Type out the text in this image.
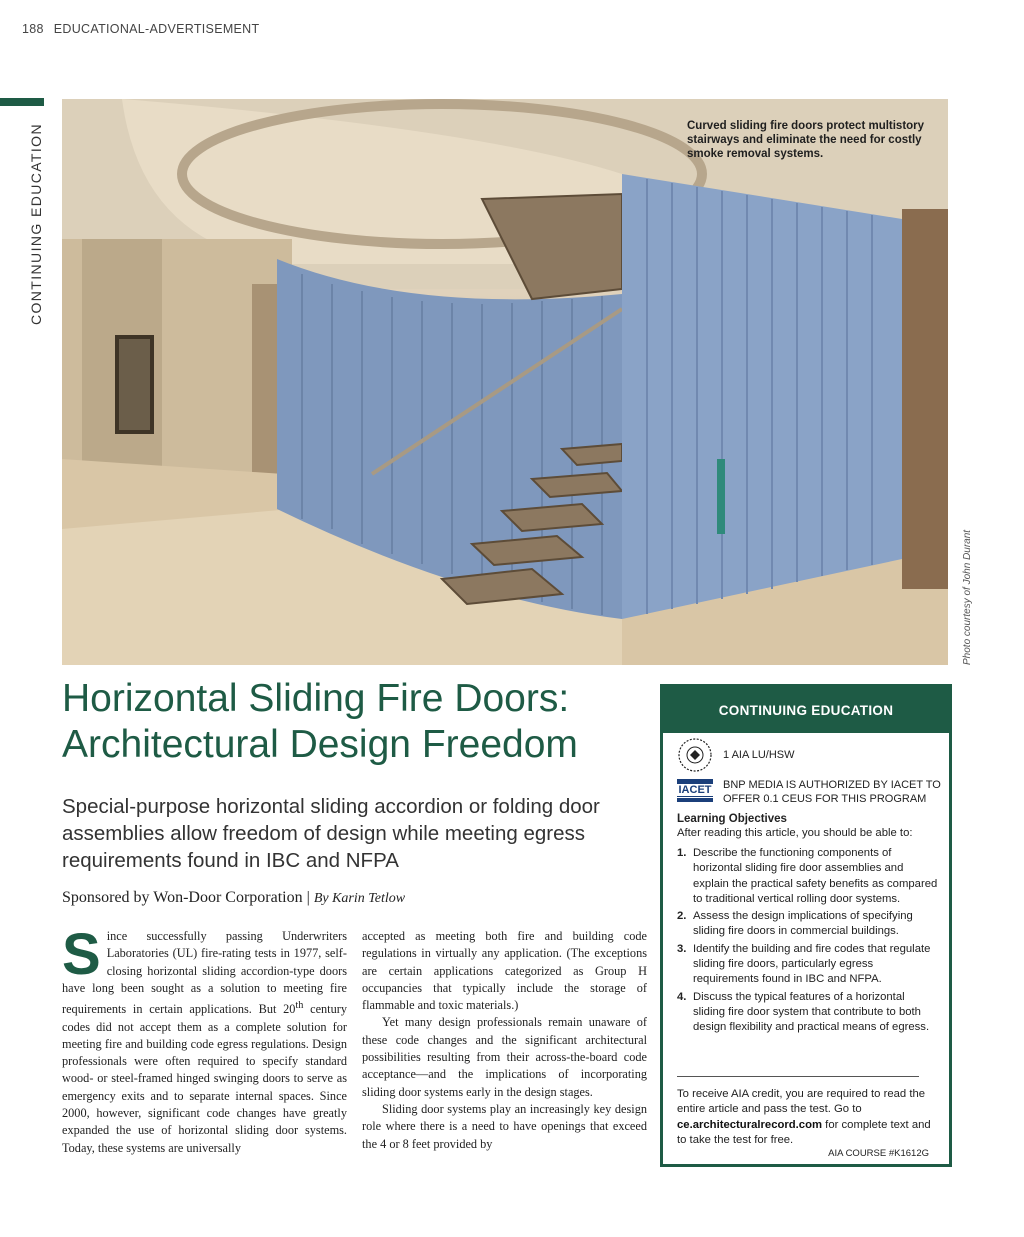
188 EDUCATIONAL-ADVERTISEMENT
CONTINUING EDUCATION	Curved sliding fire doors protect multistory stairways and eliminate the need for costly smoke removal systems.
Photo courtesy of John Durant
Horizontal Sliding Fire Doors: Architectural Design Freedom
Special-purpose horizontal sliding accordion or folding door assemblies allow freedom of design while meeting egress requirements found in IBC and NFPA
Sponsored by Won-Door Corporation | By Karin Tetlow

Since successfully passing Underwriters Laboratories (UL) fire-rating tests in 1977, self-closing horizontal sliding accordion-type doors have long been sought as a solution to meeting fire requirements in certain applications. But 20th century codes did not accept them as a complete solution for meeting fire and building code egress regulations. Design professionals were often required to specify standard wood- or steel-framed hinged swinging doors to serve as emergency exits and to separate internal spaces. Since 2000, however, significant code changes have greatly expanded the use of horizontal sliding door systems. Today, these systems are universally

accepted as meeting both fire and building code regulations in virtually any application. (The exceptions are certain applications categorized as Group H occupancies that typically include the storage of flammable and toxic materials.)

Yet many design professionals remain unaware of these code changes and the significant architectural possibilities resulting from their across-the-board code acceptance—and the implications of incorporating sliding door systems early in the design stages.

Sliding door systems play an increasingly key design role where there is a need to have openings that exceed the 4 or 8 feet provided by

CONTINUING EDUCATION
1 AIA LU/HSW
IACET BNP MEDIA IS AUTHORIZED BY IACET TO OFFER 0.1 CEUS FOR THIS PROGRAM
Learning Objectives
After reading this article, you should be able to:
1. Describe the functioning components of horizontal sliding fire door assemblies and explain the practical safety benefits as compared to traditional vertical rolling door systems.
2. Assess the design implications of specifying sliding fire doors in commercial buildings.
3. Identify the building and fire codes that regulate sliding fire doors, particularly egress requirements found in IBC and NFPA.
4. Discuss the typical features of a horizontal sliding fire door system that contribute to both design flexibility and practical means of egress.
To receive AIA credit, you are required to read the entire article and pass the test. Go to ce.architecturalrecord.com for complete text and to take the test for free.
AIA COURSE #K1612G
